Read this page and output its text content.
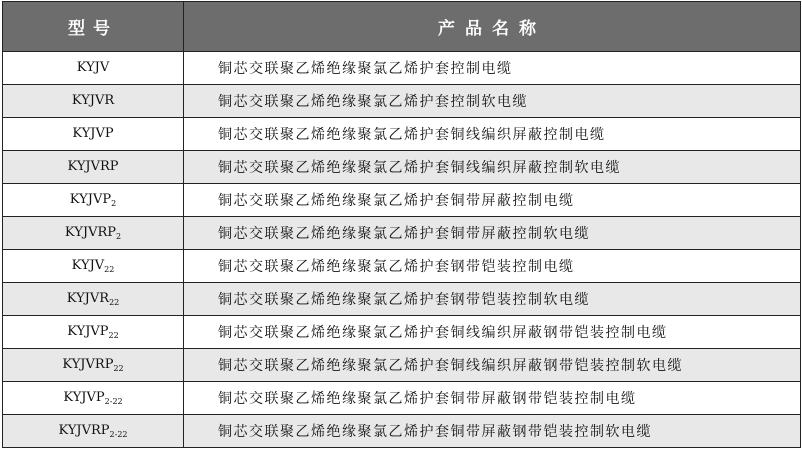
型号	产品名称
KYJV	铜芯交联聚乙烯绝缘聚氯乙烯护套控制电缆
KYJVR	铜芯交联聚乙烯绝缘聚氯乙烯护套控制软电缆
KYJVP	铜芯交联聚乙烯绝缘聚氯乙烯护套铜线编织屏蔽控制电缆
KYJVRP	铜芯交联聚乙烯绝缘聚氯乙烯护套铜线编织屏蔽控制软电缆
$KYJVP_2$	铜芯交联聚乙烯绝缘聚氯乙烯护套铜带屏蔽控制电缆
$KYJVRP_2$	铜芯交联聚乙烯绝缘聚氯乙烯护套铜带屏蔽控制软电缆
$KYJV_{22}$	铜芯交联聚乙烯绝缘聚氯乙烯护套钢带铠装控制电缆
$KYJVR_{22}$	铜芯交联聚乙烯绝缘聚氯乙烯护套钢带铠装控制软电缆
$KYJVP_{22}$	铜芯交联聚乙烯绝缘聚氯乙烯护套铜线编织屏蔽钢带铠装控制电缆
$KYJVRP_{22}$	铜芯交联聚乙烯绝缘聚氯乙烯护套铜线编织屏蔽钢带铠装控制软电缆
$KYJVP_{2-22}$	铜芯交联聚乙烯绝缘聚氯乙烯护套铜带屏蔽钢带铠装控制电缆
$KYJVRP_{2-22}$	铜芯交联聚乙烯绝缘聚氯乙烯护套铜带屏蔽钢带铠装控制软电缆
